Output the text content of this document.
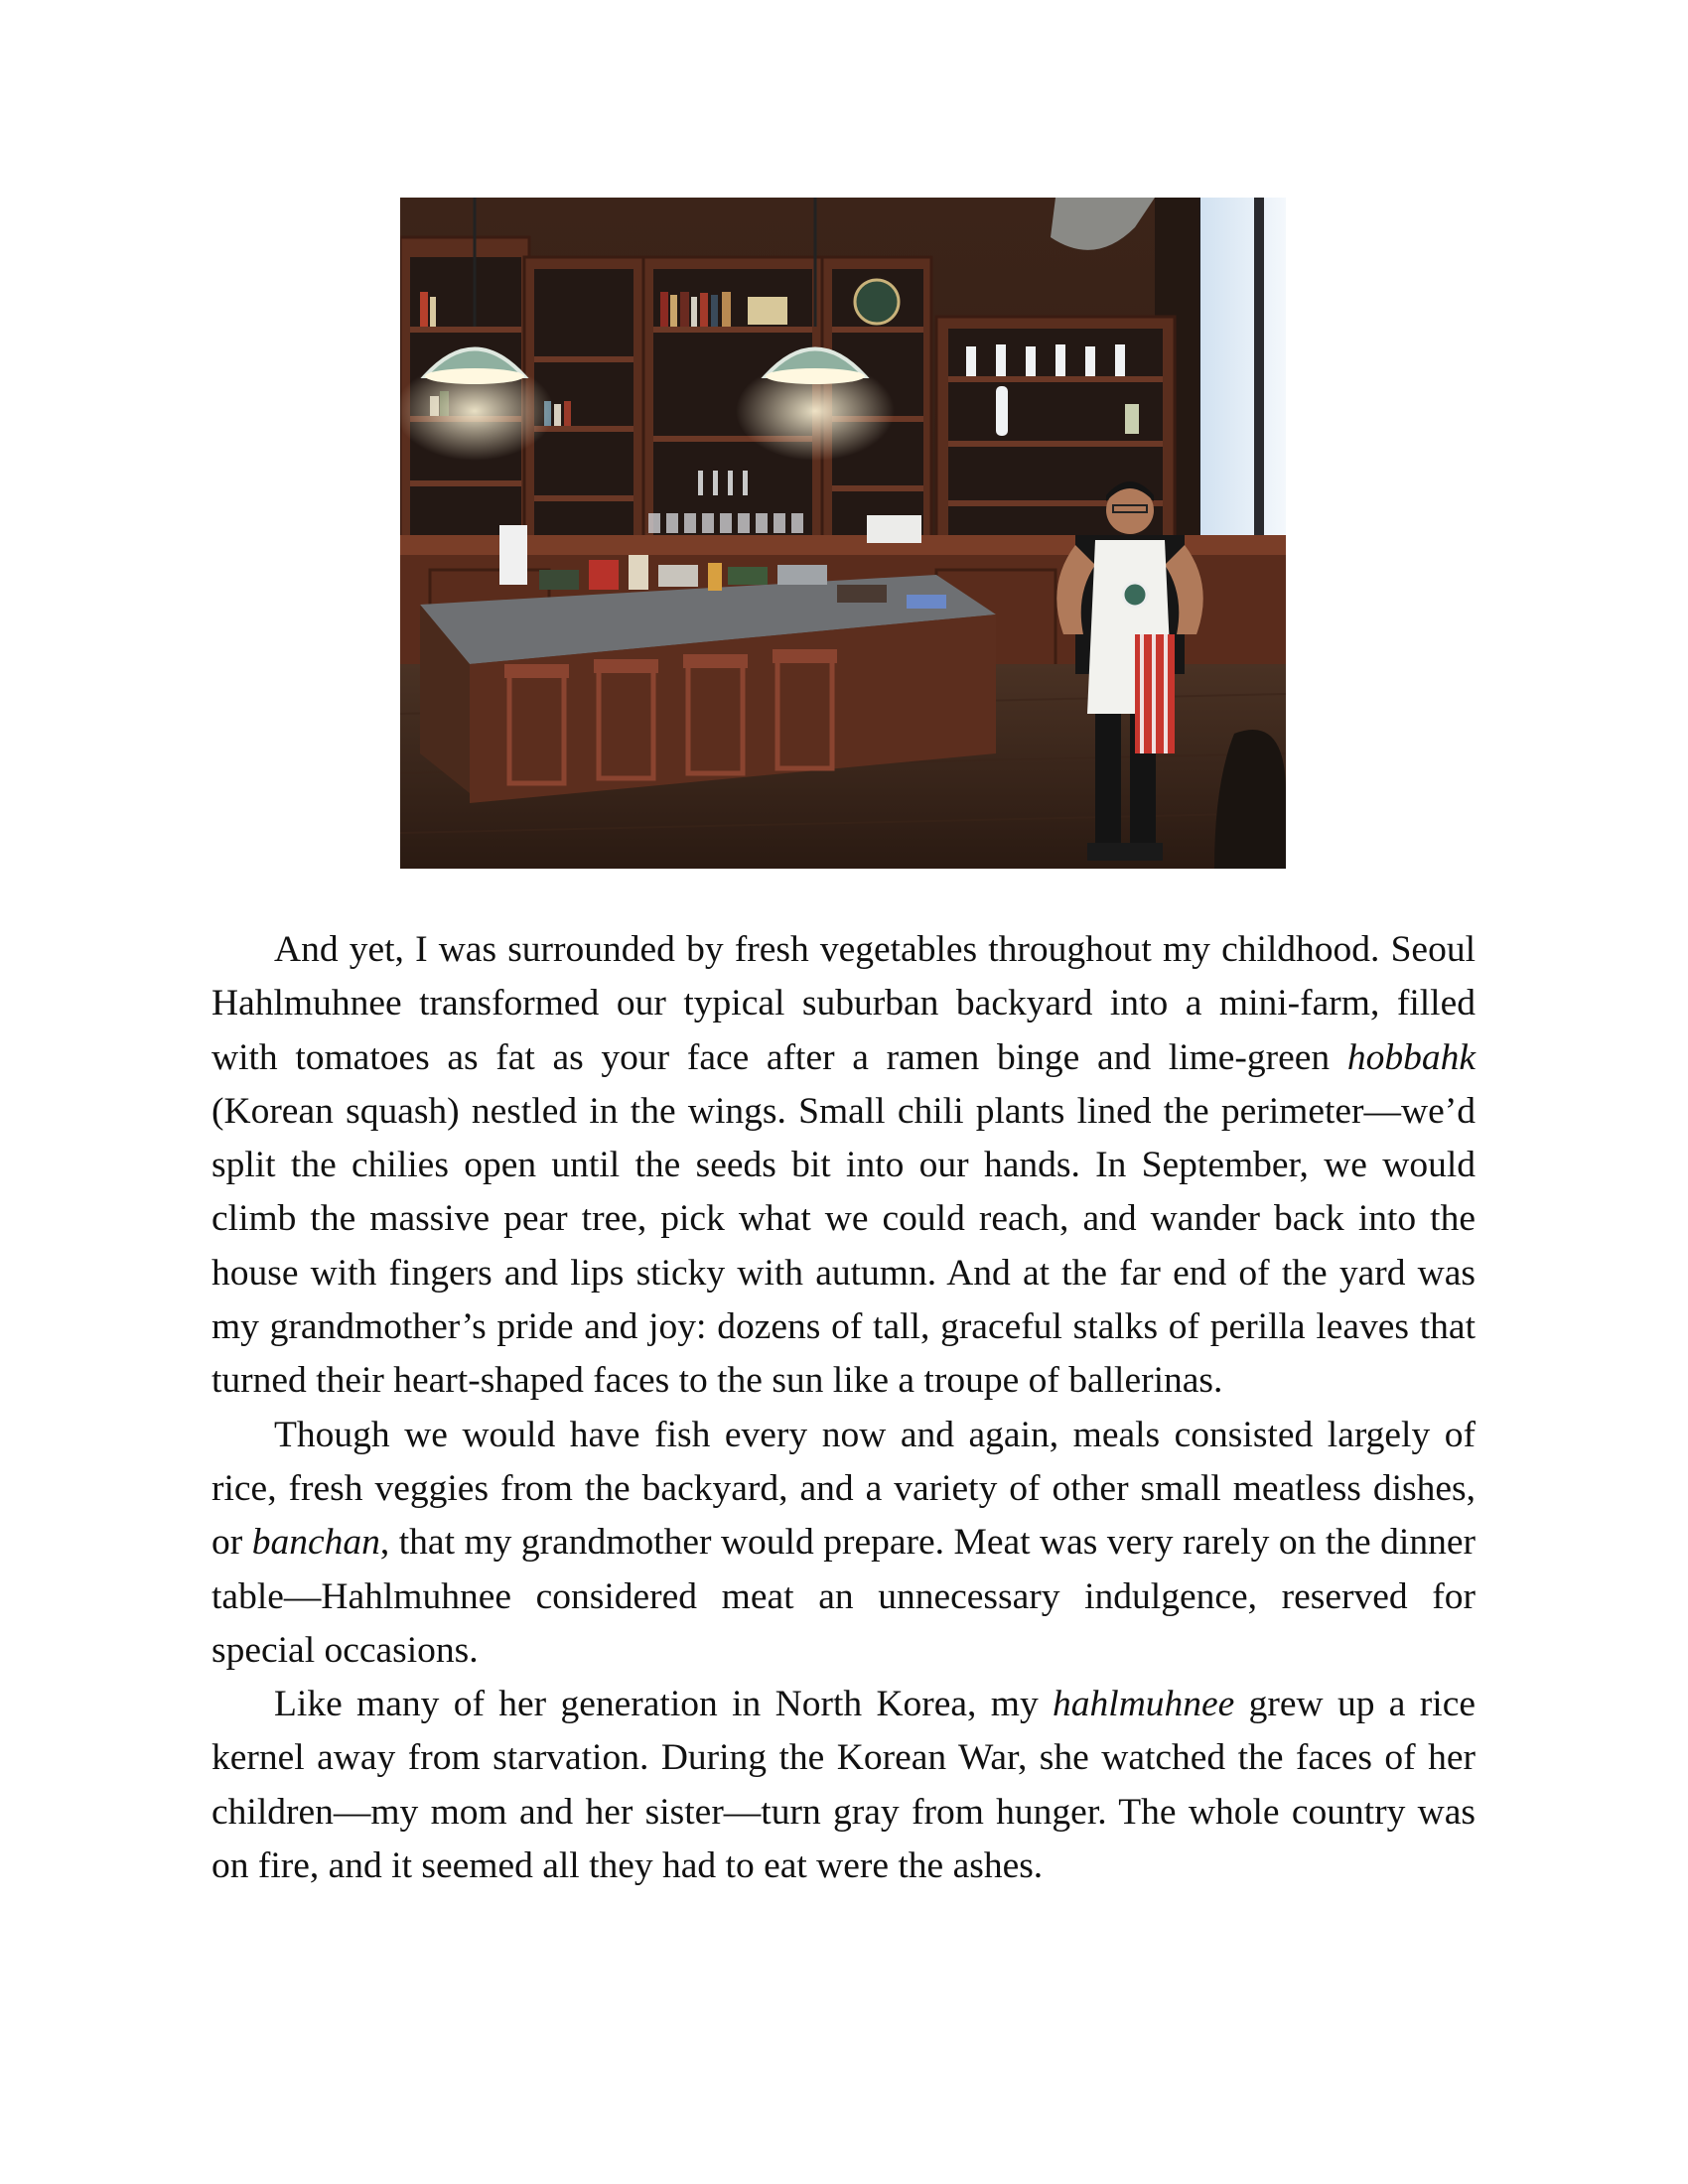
And yet, I was surrounded by fresh vegetables throughout my childhood. Seoul Hahlmuhnee transformed our typical suburban backyard into a mini-farm, filled with tomatoes as fat as your face after a ramen binge and lime-green hobbahk (Korean squash) nestled in the wings. Small chili plants lined the perimeter—we’d split the chilies open until the seeds bit into our hands. In September, we would climb the massive pear tree, pick what we could reach, and wander back into the house with fingers and lips sticky with autumn. And at the far end of the yard was my grandmother’s pride and joy: dozens of tall, graceful stalks of perilla leaves that turned their heart-shaped faces to the sun like a troupe of ballerinas.

Though we would have fish every now and again, meals consisted largely of rice, fresh veggies from the backyard, and a variety of other small meatless dishes, or banchan, that my grandmother would prepare. Meat was very rarely on the dinner table—Hahlmuhnee considered meat an unnecessary indulgence, reserved for special occasions.

Like many of her generation in North Korea, my hahlmuhnee grew up a rice kernel away from starvation. During the Korean War, she watched the faces of her children—my mom and her sister—turn gray from hunger. The whole country was on fire, and it seemed all they had to eat were the ashes.
